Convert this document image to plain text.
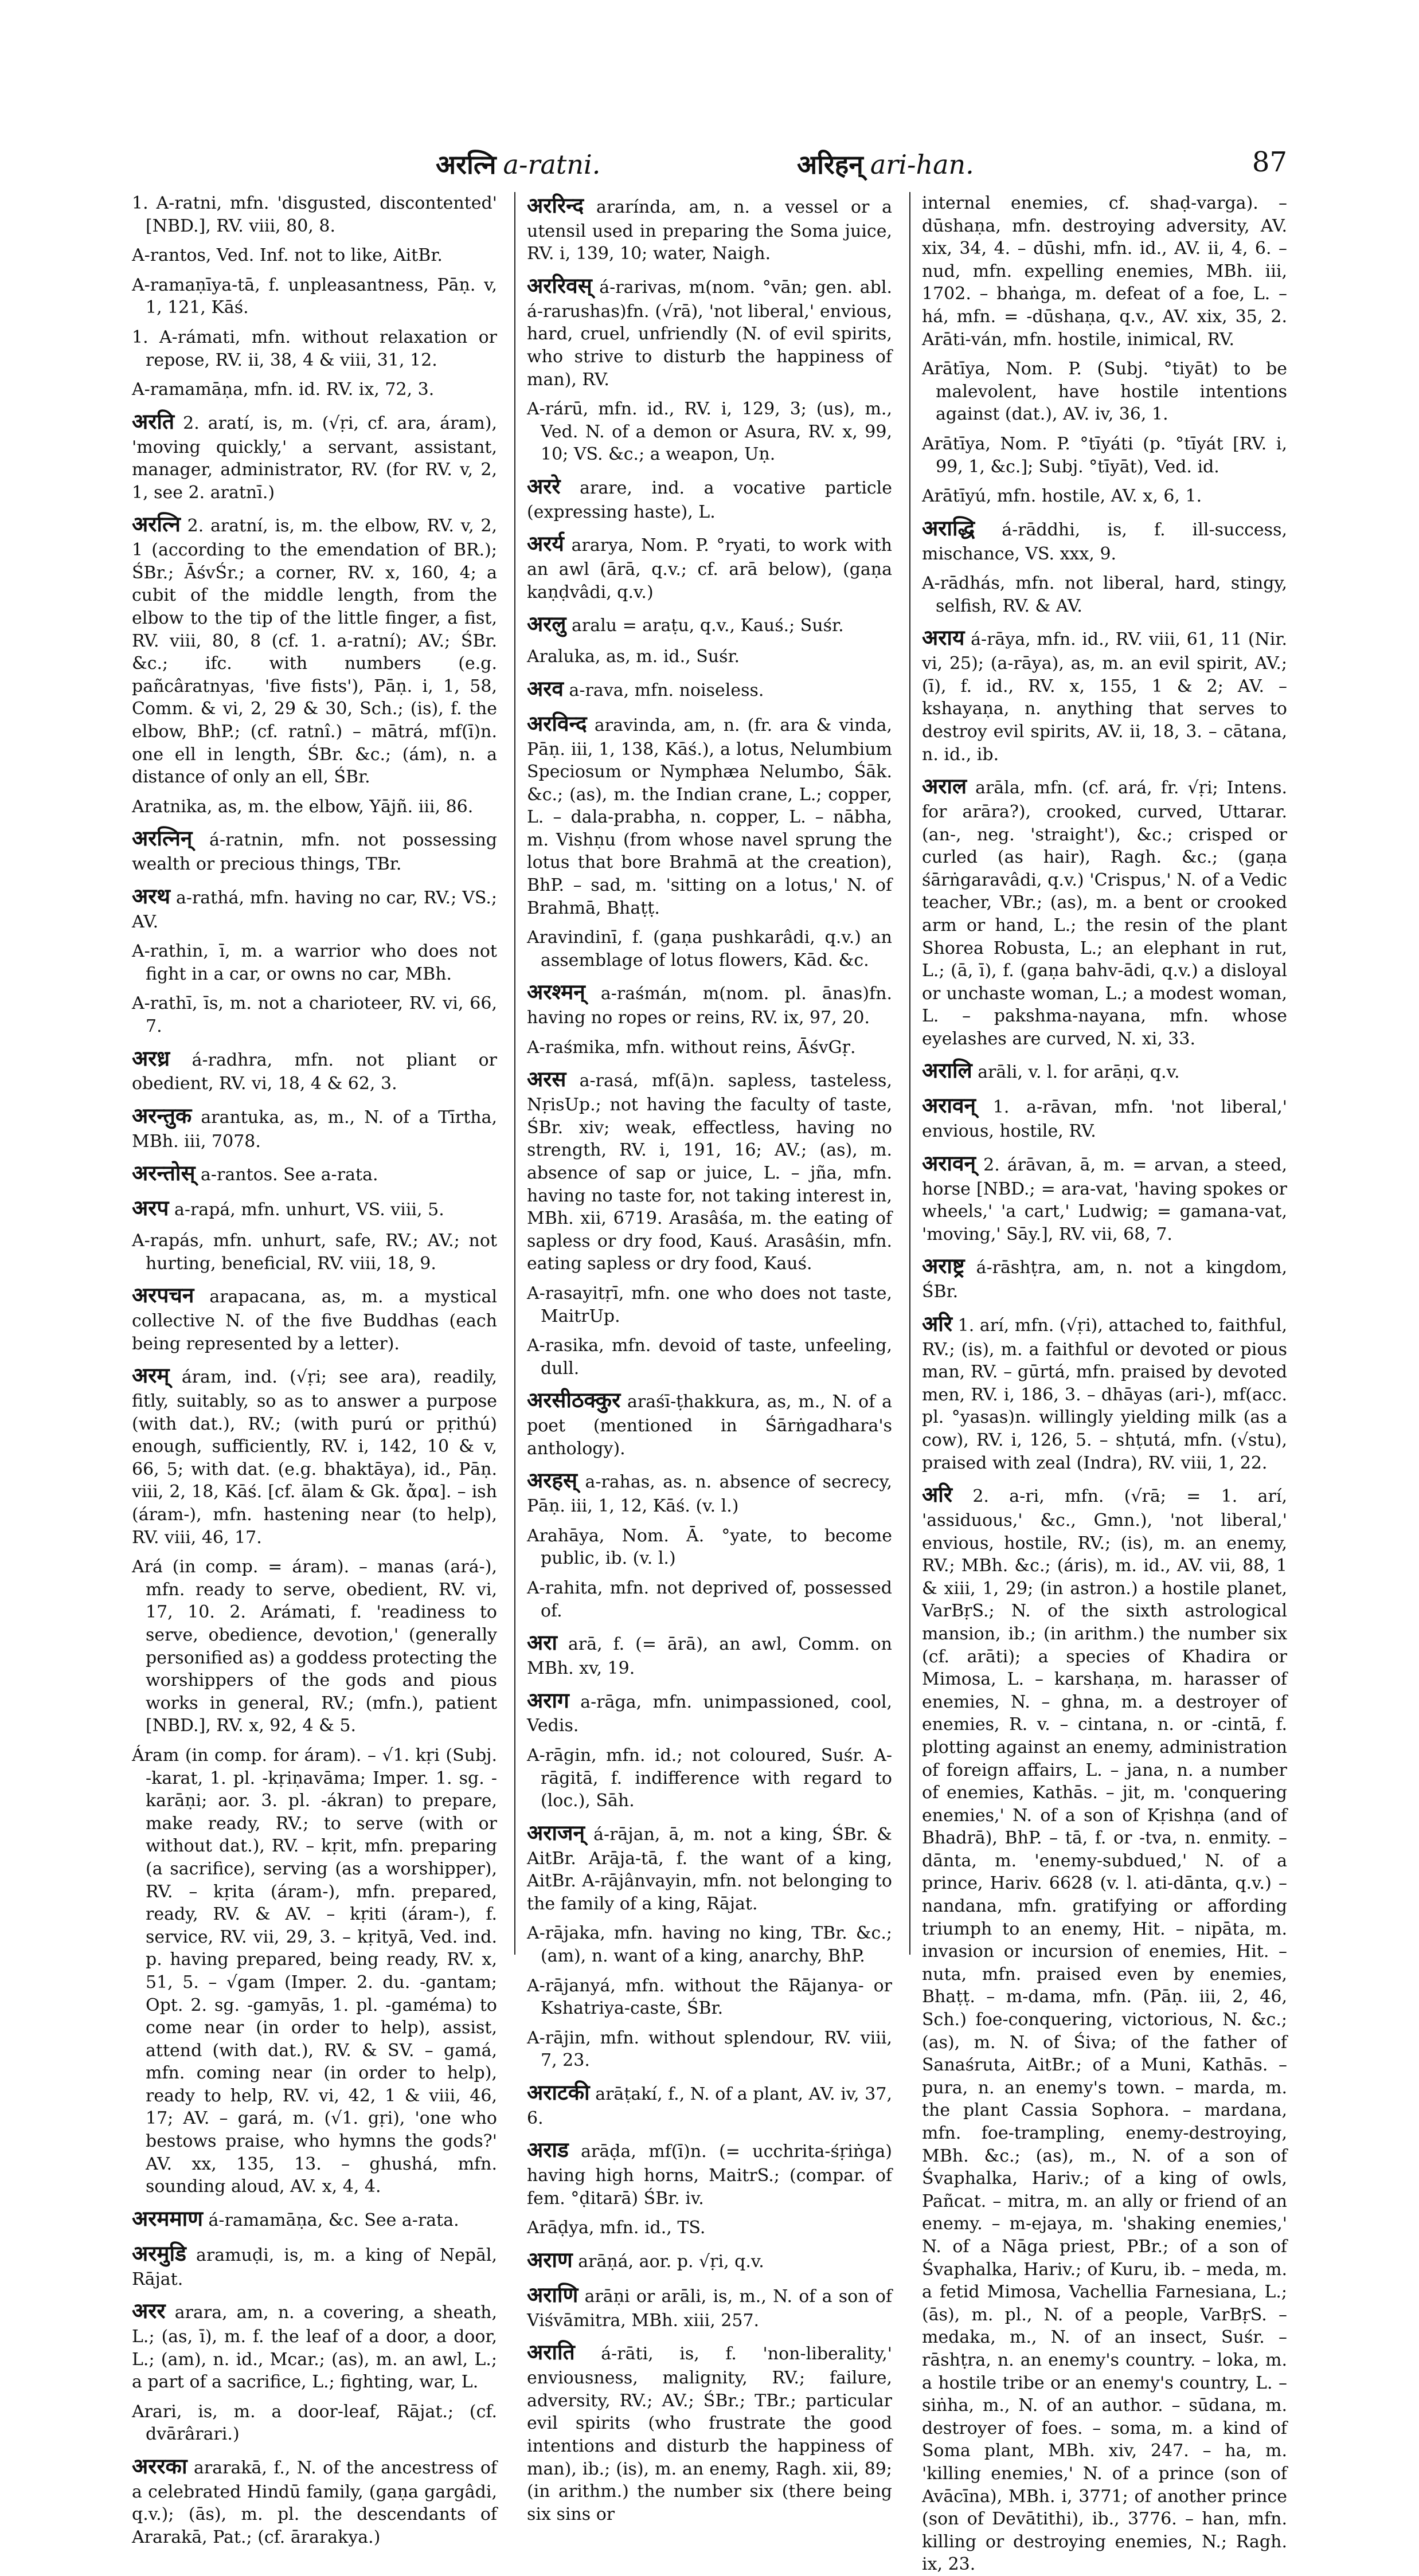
अरत्नि a-ratni.	अरिहन् ari-han.	87

1. A-ratni, mfn. 'disgusted, discontented' [NBD.], RV. viii, 80, 8.

A-rantos, Ved. Inf. not to like, AitBr.

A-ramaṇīya-tā, f. unpleasantness, Pāṇ. v, 1, 121, Kāś.

1. A-rámati, mfn. without relaxation or repose, RV. ii, 38, 4 & viii, 31, 12.

A-ramamāṇa, mfn. id. RV. ix, 72, 3.

अरति 2. aratí, is, m. (√ṛi, cf. ara, áram), 'moving quickly,' a servant, assistant, manager, administrator, RV. (for RV. v, 2, 1, see 2. aratnī.)

अरत्नि 2. aratní, is, m. the elbow, RV. v, 2, 1 (according to the emendation of BR.); ŚBr.; ĀśvŚr.; a corner, RV. x, 160, 4; a cubit of the middle length, from the elbow to the tip of the little finger, a fist, RV. viii, 80, 8 (cf. 1. a-ratní); AV.; ŚBr. &c.; ifc. with numbers (e.g. pañcâratnyas, 'five fists'), Pāṇ. i, 1, 58, Comm. & vi, 2, 29 & 30, Sch.; (is), f. the elbow, BhP.; (cf. ratnî.) – mātrá, mf(ī)n. one ell in length, ŚBr. &c.; (ám), n. a distance of only an ell, ŚBr.

Aratnika, as, m. the elbow, Yājñ. iii, 86.

अरत्निन् á-ratnin, mfn. not possessing wealth or precious things, TBr.

अरथ a-rathá, mfn. having no car, RV.; VS.; AV.

A-rathin, ī, m. a warrior who does not fight in a car, or owns no car, MBh.

A-rathī, īs, m. not a charioteer, RV. vi, 66, 7.

अरध्र á-radhra, mfn. not pliant or obedient, RV. vi, 18, 4 & 62, 3.

अरन्तुक arantuka, as, m., N. of a Tīrtha, MBh. iii, 7078.

अरन्तोस् a-rantos. See a-rata.

अरप a-rapá, mfn. unhurt, VS. viii, 5.

A-rapás, mfn. unhurt, safe, RV.; AV.; not hurting, beneficial, RV. viii, 18, 9.

अरपचन arapacana, as, m. a mystical collective N. of the five Buddhas (each being represented by a letter).

अरम् áram, ind. (√ṛi; see ara), readily, fitly, suitably, so as to answer a purpose (with dat.), RV.; (with purú or pṛithú) enough, sufficiently, RV. i, 142, 10 & v, 66, 5; with dat. (e.g. bhaktāya), id., Pāṇ. viii, 2, 18, Kāś. [cf. ālam & Gk. ἄρα]. – ish (áram-), mfn. hastening near (to help), RV. viii, 46, 17.

Ará (in comp. = áram). – manas (ará-), mfn. ready to serve, obedient, RV. vi, 17, 10. 2. Arámati, f. 'readiness to serve, obedience, devotion,' (generally personified as) a goddess protecting the worshippers of the gods and pious works in general, RV.; (mfn.), patient [NBD.], RV. x, 92, 4 & 5.

Áram (in comp. for áram). – √1. kṛi (Subj. -karat, 1. pl. -kṛiṇavāma; Imper. 1. sg. -karāṇi; aor. 3. pl. -ákran) to prepare, make ready, RV.; to serve (with or without dat.), RV. – kṛit, mfn. preparing (a sacrifice), serving (as a worshipper), RV. – kṛita (áram-), mfn. prepared, ready, RV. & AV. – kṛiti (áram-), f. service, RV. vii, 29, 3. – kṛityā, Ved. ind. p. having prepared, being ready, RV. x, 51, 5. – √gam (Imper. 2. du. -gantam; Opt. 2. sg. -gamyās, 1. pl. -gaméma) to come near (in order to help), assist, attend (with dat.), RV. & SV. – gamá, mfn. coming near (in order to help), ready to help, RV. vi, 42, 1 & viii, 46, 17; AV. – gará, m. (√1. gṛi), 'one who bestows praise, who hymns the gods?' AV. xx, 135, 13. – ghushá, mfn. sounding aloud, AV. x, 4, 4.

अरममाण á-ramamāṇa, &c. See a-rata.

अरमुडि aramuḍi, is, m. a king of Nepāl, Rājat.

अरर arara, am, n. a covering, a sheath, L.; (as, ī), m. f. the leaf of a door, a door, L.; (am), n. id., Mcar.; (as), m. an awl, L.; a part of a sacrifice, L.; fighting, war, L.

Arari, is, m. a door-leaf, Rājat.; (cf. dvārârari.)

अररका ararakā, f., N. of the ancestress of a celebrated Hindū family, (gaṇa gargâdi, q.v.); (ās), m. pl. the descendants of Ararakā, Pat.; (cf. ārarakya.)

अररिन्द ararínda, am, n. a vessel or a utensil used in preparing the Soma juice, RV. i, 139, 10; water, Naigh.

अररिवस् á-rarivas, m(nom. °vān; gen. abl. á-rarushas)fn. (√rā), 'not liberal,' envious, hard, cruel, unfriendly (N. of evil spirits, who strive to disturb the happiness of man), RV.

A-rárū, mfn. id., RV. i, 129, 3; (us), m., Ved. N. of a demon or Asura, RV. x, 99, 10; VS. &c.; a weapon, Uṇ.

अररे arare, ind. a vocative particle (expressing haste), L.

अरर्य ararya, Nom. P. °ryati, to work with an awl (ārā, q.v.; cf. arā below), (gaṇa kaṇḍvâdi, q.v.)

अरलु aralu = araṭu, q.v., Kauś.; Suśr.

Araluka, as, m. id., Suśr.

अरव a-rava, mfn. noiseless.

अरविन्द aravinda, am, n. (fr. ara & vinda, Pāṇ. iii, 1, 138, Kāś.), a lotus, Nelumbium Speciosum or Nymphæa Nelumbo, Śāk. &c.; (as), m. the Indian crane, L.; copper, L. – dala-prabha, n. copper, L. – nābha, m. Vishṇu (from whose navel sprung the lotus that bore Brahmā at the creation), BhP. – sad, m. 'sitting on a lotus,' N. of Brahmā, Bhaṭṭ.

Aravindinī, f. (gaṇa pushkarâdi, q.v.) an assemblage of lotus flowers, Kād. &c.

अरश्मन् a-raśmán, m(nom. pl. ānas)fn. having no ropes or reins, RV. ix, 97, 20.

A-raśmika, mfn. without reins, ĀśvGṛ.

अरस a-rasá, mf(ā)n. sapless, tasteless, NṛisUp.; not having the faculty of taste, ŚBr. xiv; weak, effectless, having no strength, RV. i, 191, 16; AV.; (as), m. absence of sap or juice, L. – jña, mfn. having no taste for, not taking interest in, MBh. xii, 6719. Arasâśa, m. the eating of sapless or dry food, Kauś. Arasâśin, mfn. eating sapless or dry food, Kauś.

A-rasayitṛī, mfn. one who does not taste, MaitrUp.

A-rasika, mfn. devoid of taste, unfeeling, dull.

अरसीठक्कुर araśī-ṭhakkura, as, m., N. of a poet (mentioned in Śārṅgadhara's anthology).

अरहस् a-rahas, as. n. absence of secrecy, Pāṇ. iii, 1, 12, Kāś. (v. l.)

Arahāya, Nom. Ā. °yate, to become public, ib. (v. l.)

A-rahita, mfn. not deprived of, possessed of.

अरा arā, f. (= ārā), an awl, Comm. on MBh. xv, 19.

अराग a-rāga, mfn. unimpassioned, cool, Vedis.

A-rāgin, mfn. id.; not coloured, Suśr. A-rāgitā, f. indifference with regard to (loc.), Sāh.

अराजन् á-rājan, ā, m. not a king, ŚBr. & AitBr. Arāja-tā, f. the want of a king, AitBr. A-rājânvayin, mfn. not belonging to the family of a king, Rājat.

A-rājaka, mfn. having no king, TBr. &c.; (am), n. want of a king, anarchy, BhP.

A-rājanyá, mfn. without the Rājanya- or Kshatriya-caste, ŚBr.

A-rājin, mfn. without splendour, RV. viii, 7, 23.

अराटकी arāṭakí, f., N. of a plant, AV. iv, 37, 6.

अराड arāḍa, mf(ī)n. (= ucchrita-śṛiṅga) having high horns, MaitrS.; (compar. of fem. °ḍitarā) ŚBr. iv.

Arāḍya, mfn. id., TS.

अराण arāṇá, aor. p. √ṛi, q.v.

अराणि arāṇi or arāli, is, m., N. of a son of Viśvāmitra, MBh. xiii, 257.

अराति á-rāti, is, f. 'non-liberality,' enviousness, malignity, RV.; failure, adversity, RV.; AV.; ŚBr.; TBr.; particular evil spirits (who frustrate the good intentions and disturb the happiness of man), ib.; (is), m. an enemy, Ragh. xii, 89; (in arithm.) the number six (there being six sins or

internal enemies, cf. shaḍ-varga). – dūshaṇa, mfn. destroying adversity, AV. xix, 34, 4. – dūshi, mfn. id., AV. ii, 4, 6. – nud, mfn. expelling enemies, MBh. iii, 1702. – bhaṅga, m. defeat of a foe, L. – há, mfn. = -dūshaṇa, q.v., AV. xix, 35, 2. Arāti-ván, mfn. hostile, inimical, RV.

Arātīya, Nom. P. (Subj. °tiyāt) to be malevolent, have hostile intentions against (dat.), AV. iv, 36, 1.

Arātīya, Nom. P. °tīyáti (p. °tīyát [RV. i, 99, 1, &c.]; Subj. °tīyāt), Ved. id.

Arātīyú, mfn. hostile, AV. x, 6, 1.

अराद्धि á-rāddhi, is, f. ill-success, mischance, VS. xxx, 9.

A-rādhás, mfn. not liberal, hard, stingy, selfish, RV. & AV.

अराय á-rāya, mfn. id., RV. viii, 61, 11 (Nir. vi, 25); (a-rāya), as, m. an evil spirit, AV.; (ī), f. id., RV. x, 155, 1 & 2; AV. – kshayaṇa, n. anything that serves to destroy evil spirits, AV. ii, 18, 3. – cātana, n. id., ib.

अराल arāla, mfn. (cf. ará, fr. √ṛi; Intens. for arāra?), crooked, curved, Uttarar. (an-, neg. 'straight'), &c.; crisped or curled (as hair), Ragh. &c.; (gaṇa śārṅgaravâdi, q.v.) 'Crispus,' N. of a Vedic teacher, VBr.; (as), m. a bent or crooked arm or hand, L.; the resin of the plant Shorea Robusta, L.; an elephant in rut, L.; (ā, ī), f. (gaṇa bahv-ādi, q.v.) a disloyal or unchaste woman, L.; a modest woman, L. – pakshma-nayana, mfn. whose eyelashes are curved, N. xi, 33.

अरालि arāli, v. l. for arāṇi, q.v.

अरावन् 1. a-rāvan, mfn. 'not liberal,' envious, hostile, RV.

अरावन् 2. árāvan, ā, m. = arvan, a steed, horse [NBD.; = ara-vat, 'having spokes or wheels,' 'a cart,' Ludwig; = gamana-vat, 'moving,' Sāy.], RV. vii, 68, 7.

अराष्ट्र á-rāshṭra, am, n. not a kingdom, ŚBr.

अरि 1. arí, mfn. (√ṛi), attached to, faithful, RV.; (is), m. a faithful or devoted or pious man, RV. – gūrtá, mfn. praised by devoted men, RV. i, 186, 3. – dhāyas (ari-), mf(acc. pl. °yasas)n. willingly yielding milk (as a cow), RV. i, 126, 5. – shṭutá, mfn. (√stu), praised with zeal (Indra), RV. viii, 1, 22.

अरि 2. a-ri, mfn. (√rā; = 1. arí, 'assiduous,' &c., Gmn.), 'not liberal,' envious, hostile, RV.; (is), m. an enemy, RV.; MBh. &c.; (áris), m. id., AV. vii, 88, 1 & xiii, 1, 29; (in astron.) a hostile planet, VarBṛS.; N. of the sixth astrological mansion, ib.; (in arithm.) the number six (cf. arāti); a species of Khadira or Mimosa, L. – karshaṇa, m. harasser of enemies, N. – ghna, m. a destroyer of enemies, R. v. – cintana, n. or -cintā, f. plotting against an enemy, administration of foreign affairs, L. – jana, n. a number of enemies, Kathās. – jit, m. 'conquering enemies,' N. of a son of Kṛishṇa (and of Bhadrā), BhP. – tā, f. or -tva, n. enmity. – dānta, m. 'enemy-subdued,' N. of a prince, Hariv. 6628 (v. l. ati-dānta, q.v.) – nandana, mfn. gratifying or affording triumph to an enemy, Hit. – nipāta, m. invasion or incursion of enemies, Hit. – nuta, mfn. praised even by enemies, Bhaṭṭ. – m-dama, mfn. (Pāṇ. iii, 2, 46, Sch.) foe-conquering, victorious, N. &c.; (as), m. N. of Śiva; of the father of Sanaśruta, AitBr.; of a Muni, Kathās. – pura, n. an enemy's town. – marda, m. the plant Cassia Sophora. – mardana, mfn. foe-trampling, enemy-destroying, MBh. &c.; (as), m., N. of a son of Śvaphalka, Hariv.; of a king of owls, Pañcat. – mitra, m. an ally or friend of an enemy. – m-ejaya, m. 'shaking enemies,' N. of a Nāga priest, PBr.; of a son of Śvaphalka, Hariv.; of Kuru, ib. – meda, m. a fetid Mimosa, Vachellia Farnesiana, L.; (ās), m. pl., N. of a people, VarBṛS. – medaka, m., N. of an insect, Suśr. – rāshṭra, n. an enemy's country. – loka, m. a hostile tribe or an enemy's country, L. – siṅha, m., N. of an author. – sūdana, m. destroyer of foes. – soma, m. a kind of Soma plant, MBh. xiv, 247. – ha, m. 'killing enemies,' N. of a prince (son of Avācīna), MBh. i, 3771; of another prince (son of Devātithi), ib., 3776. – han, mfn. killing or destroying enemies, N.; Ragh. ix, 23.
